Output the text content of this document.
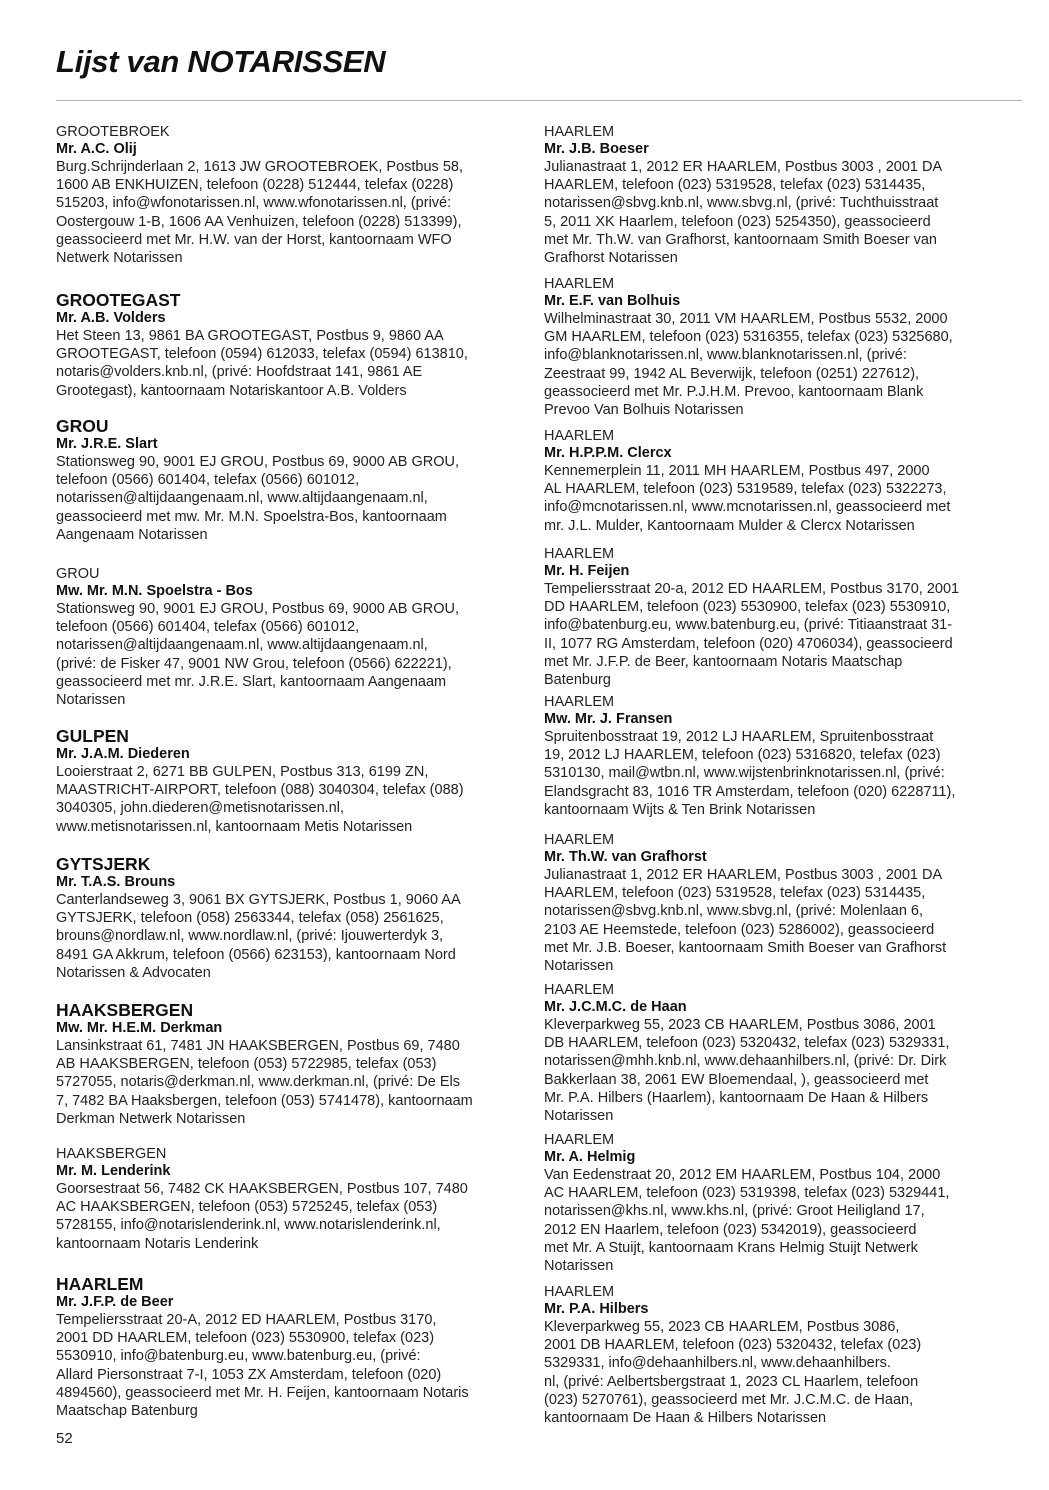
Lijst van NOTARISSEN
GROOTEBROEK
Mr. A.C. Olij
Burg.Schrijnderlaan 2, 1613 JW GROOTEBROEK, Postbus 58,
1600 AB ENKHUIZEN, telefoon (0228) 512444, telefax (0228)
515203, info@wfonotarissen.nl, www.wfonotarissen.nl, (privé:
Oostergouw 1-B, 1606 AA Venhuizen, telefoon (0228) 513399),
geassocieerd met Mr. H.W. van der Horst, kantoornaam WFO
Netwerk Notarissen
GROOTEGAST
Mr. A.B. Volders
Het Steen 13, 9861 BA GROOTEGAST, Postbus 9, 9860 AA
GROOTEGAST, telefoon (0594) 612033, telefax (0594) 613810,
notaris@volders.knb.nl, (privé: Hoofdstraat 141, 9861 AE
Grootegast), kantoornaam Notariskantoor A.B. Volders
GROU
Mr. J.R.E. Slart
Stationsweg 90, 9001 EJ GROU, Postbus 69, 9000 AB GROU,
telefoon (0566) 601404, telefax (0566) 601012,
notarissen@altijdaangenaam.nl, www.altijdaangenaam.nl,
geassocieerd met mw. Mr. M.N. Spoelstra-Bos, kantoornaam
Aangenaam Notarissen
GROU
Mw. Mr. M.N. Spoelstra - Bos
Stationsweg 90, 9001 EJ GROU, Postbus 69, 9000 AB GROU,
telefoon (0566) 601404, telefax (0566) 601012,
notarissen@altijdaangenaam.nl, www.altijdaangenaam.nl,
(privé: de Fisker 47, 9001 NW Grou, telefoon (0566) 622221),
geassocieerd met mr. J.R.E. Slart, kantoornaam Aangenaam
Notarissen
GULPEN
Mr. J.A.M. Diederen
Looierstraat 2, 6271 BB GULPEN, Postbus 313, 6199 ZN,
MAASTRICHT-AIRPORT, telefoon (088) 3040304, telefax (088)
3040305, john.diederen@metisnotarissen.nl,
www.metisnotarissen.nl, kantoornaam Metis Notarissen
GYTSJERK
Mr. T.A.S. Brouns
Canterlandseweg 3, 9061 BX GYTSJERK, Postbus 1, 9060 AA
GYTSJERK, telefoon (058) 2563344, telefax (058) 2561625,
brouns@nordlaw.nl, www.nordlaw.nl, (privé: Ijouwerterdyk 3,
8491 GA Akkrum, telefoon (0566) 623153), kantoornaam Nord
Notarissen & Advocaten
HAAKSBERGEN
Mw. Mr. H.E.M. Derkman
Lansinkstraat 61, 7481 JN HAAKSBERGEN, Postbus 69, 7480
AB HAAKSBERGEN, telefoon (053) 5722985, telefax (053)
5727055, notaris@derkman.nl, www.derkman.nl, (privé: De Els
7, 7482 BA Haaksbergen, telefoon (053) 5741478), kantoornaam
Derkman Netwerk Notarissen
HAAKSBERGEN
Mr. M. Lenderink
Goorsestraat 56, 7482 CK HAAKSBERGEN, Postbus 107, 7480
AC HAAKSBERGEN, telefoon (053) 5725245, telefax (053)
5728155, info@notarislenderink.nl, www.notarislenderink.nl,
kantoornaam Notaris Lenderink
HAARLEM
Mr. J.F.P. de Beer
Tempeliersstraat 20-A, 2012 ED HAARLEM, Postbus 3170,
2001 DD HAARLEM, telefoon (023) 5530900, telefax (023)
5530910, info@batenburg.eu, www.batenburg.eu, (privé:
Allard Piersonstraat 7-I, 1053 ZX Amsterdam, telefoon (020)
4894560), geassocieerd met Mr. H. Feijen, kantoornaam Notaris
Maatschap Batenburg
HAARLEM
Mr. J.B. Boeser
Julianastraat 1, 2012 ER HAARLEM, Postbus 3003 , 2001 DA
HAARLEM, telefoon (023) 5319528, telefax (023) 5314435,
notarissen@sbvg.knb.nl, www.sbvg.nl, (privé: Tuchthuisstraat
5, 2011 XK Haarlem, telefoon (023) 5254350), geassocieerd
met Mr. Th.W. van Grafhorst, kantoornaam Smith Boeser van
Grafhorst Notarissen
HAARLEM
Mr. E.F. van Bolhuis
Wilhelminastraat 30, 2011 VM HAARLEM, Postbus 5532, 2000
GM HAARLEM, telefoon (023) 5316355, telefax (023) 5325680,
info@blanknotarissen.nl, www.blanknotarissen.nl, (privé:
Zeestraat 99, 1942 AL Beverwijk, telefoon (0251) 227612),
geassocieerd met Mr. P.J.H.M. Prevoo, kantoornaam Blank
Prevoo Van Bolhuis Notarissen
HAARLEM
Mr. H.P.P.M. Clercx
Kennemerplein 11, 2011 MH HAARLEM, Postbus 497, 2000
AL HAARLEM, telefoon (023) 5319589, telefax (023) 5322273,
info@mcnotarissen.nl, www.mcnotarissen.nl, geassocieerd met
mr. J.L. Mulder, Kantoornaam Mulder & Clercx Notarissen
HAARLEM
Mr. H. Feijen
Tempeliersstraat 20-a, 2012 ED HAARLEM, Postbus 3170, 2001
DD HAARLEM, telefoon (023) 5530900, telefax (023) 5530910,
info@batenburg.eu, www.batenburg.eu, (privé: Titiaanstraat 31-
II, 1077 RG Amsterdam, telefoon (020) 4706034), geassocieerd
met Mr. J.F.P. de Beer, kantoornaam Notaris Maatschap
Batenburg
HAARLEM
Mw. Mr. J. Fransen
Spruitenbosstraat 19, 2012 LJ HAARLEM, Spruitenbosstraat
19, 2012 LJ HAARLEM, telefoon (023) 5316820, telefax (023)
5310130, mail@wtbn.nl, www.wijstenbrinknotarissen.nl, (privé:
Elandsgracht 83, 1016 TR Amsterdam, telefoon (020) 6228711),
kantoornaam Wijts & Ten Brink Notarissen
HAARLEM
Mr. Th.W. van Grafhorst
Julianastraat 1, 2012 ER HAARLEM, Postbus 3003 , 2001 DA
HAARLEM, telefoon (023) 5319528, telefax (023) 5314435,
notarissen@sbvg.knb.nl, www.sbvg.nl, (privé: Molenlaan 6,
2103 AE Heemstede, telefoon (023) 5286002), geassocieerd
met Mr. J.B. Boeser, kantoornaam Smith Boeser van Grafhorst
Notarissen
HAARLEM
Mr. J.C.M.C. de Haan
Kleverparkweg 55, 2023 CB HAARLEM, Postbus 3086, 2001
DB HAARLEM, telefoon (023) 5320432, telefax (023) 5329331,
notarissen@mhh.knb.nl, www.dehaanhilbers.nl, (privé: Dr. Dirk
Bakkerlaan 38, 2061 EW Bloemendaal, ), geassocieerd met
Mr. P.A. Hilbers (Haarlem), kantoornaam De Haan & Hilbers
Notarissen
HAARLEM
Mr. A. Helmig
Van Eedenstraat 20, 2012 EM HAARLEM, Postbus 104, 2000
AC HAARLEM, telefoon (023) 5319398, telefax (023) 5329441,
notarissen@khs.nl, www.khs.nl, (privé: Groot Heiligland 17,
2012 EN Haarlem, telefoon (023) 5342019), geassocieerd
met Mr. A Stuijt, kantoornaam Krans Helmig Stuijt Netwerk
Notarissen
HAARLEM
Mr. P.A. Hilbers
Kleverparkweg 55, 2023 CB HAARLEM, Postbus 3086,
2001 DB HAARLEM, telefoon (023) 5320432, telefax (023)
5329331, info@dehaanhilbers.nl, www.dehaanhilbers.
nl, (privé: Aelbertsbergstraat 1, 2023 CL Haarlem, telefoon
(023) 5270761), geassocieerd met Mr. J.C.M.C. de Haan,
kantoornaam De Haan & Hilbers Notarissen
52
